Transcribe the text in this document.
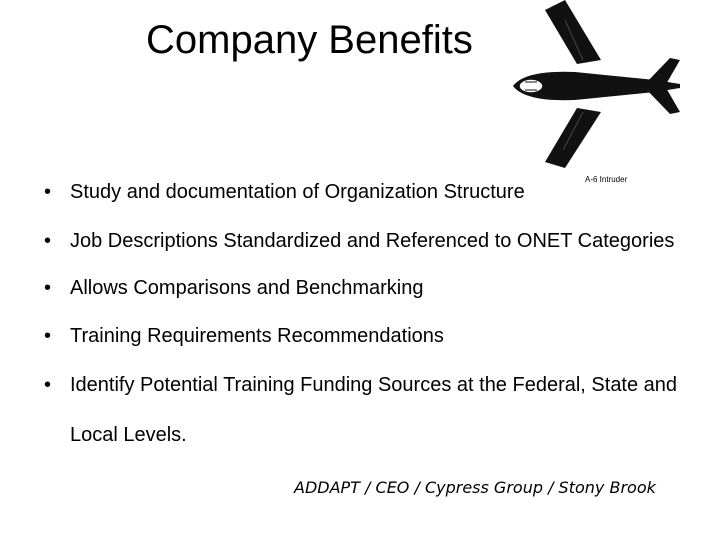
Company Benefits
A-6 Intruder
• Study and documentation of Organization Structure
• Job Descriptions Standardized and Referenced to ONET Categories
• Allows Comparisons and Benchmarking
• Training Requirements Recommendations
• Identify Potential Training Funding Sources at the Federal, State and Local Levels.
ADDAPT / CEO / Cypress Group / Stony Brook
